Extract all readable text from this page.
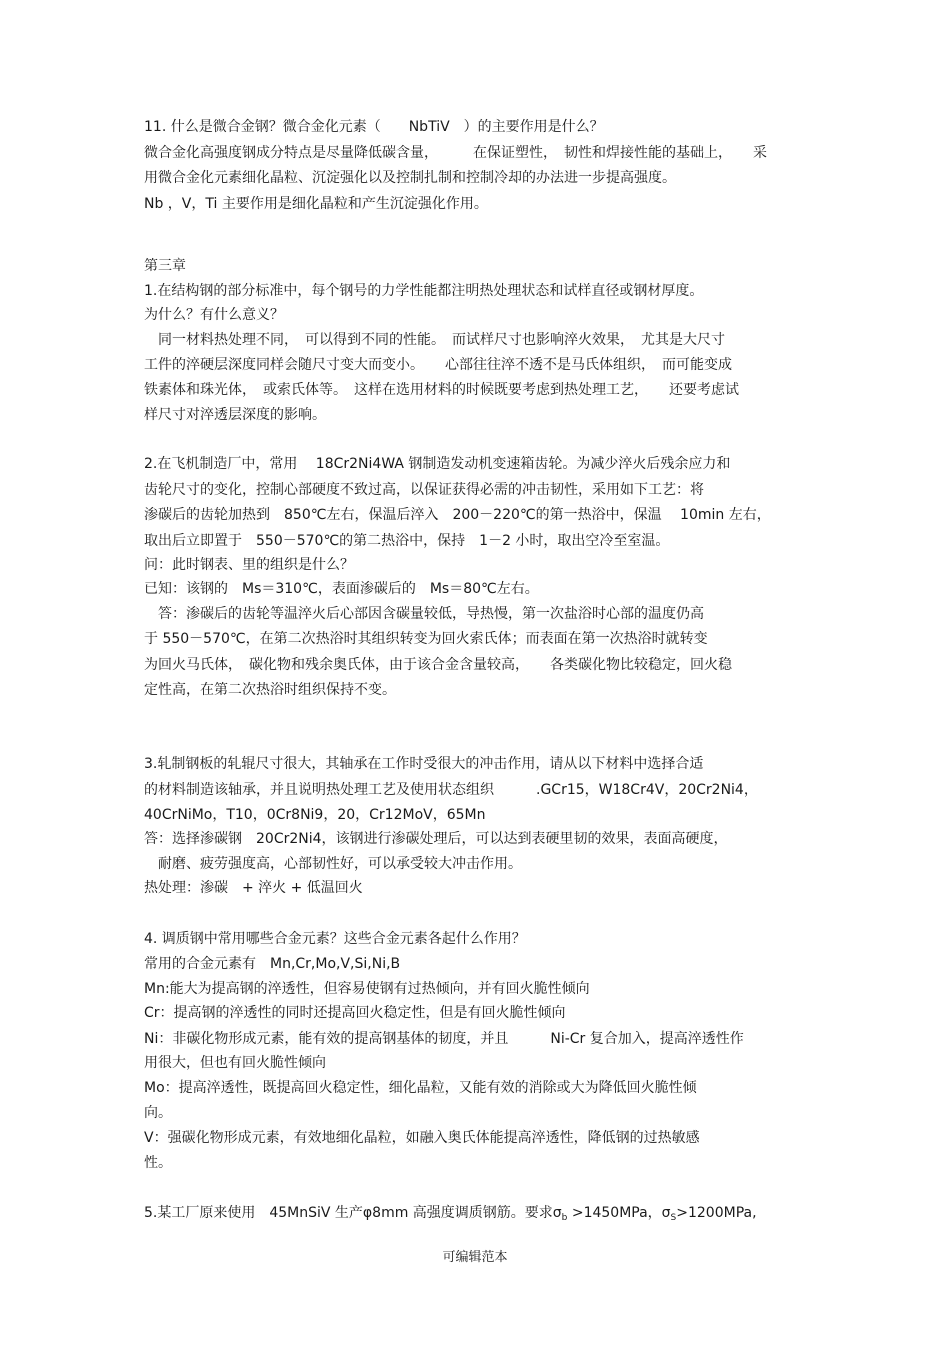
11. 什么是微合金钢？微合金化元素（　　NbTiV　）的主要作用是什么？
微合金化高强度钢成分特点是尽量降低碳含量，　　　在保证塑性，　韧性和焊接性能的基础上，　　采
用微合金化元素细化晶粒、沉淀强化以及控制扎制和控制冷却的办法进一步提高强度。
Nb ，V，Ti 主要作用是细化晶粒和产生沉淀强化作用。
第三章
1.在结构钢的部分标准中，每个钢号的力学性能都注明热处理状态和试样直径或钢材厚度。
为什么？有什么意义？
　同一材料热处理不同，　可以得到不同的性能。　而试样尺寸也影响淬火效果，　尤其是大尺寸
工件的淬硬层深度同样会随尺寸变大而变小。　　心部往往淬不透不是马氏体组织，　而可能变成
铁素体和珠光体，　或索氏体等。　这样在选用材料的时候既要考虑到热处理工艺，　　还要考虑试
样尺寸对淬透层深度的影响。
2.在飞机制造厂中，常用　 18Cr2Ni4WA 钢制造发动机变速箱齿轮。为减少淬火后残余应力和
齿轮尺寸的变化，控制心部硬度不致过高，以保证获得必需的冲击韧性，采用如下工艺：将
渗碳后的齿轮加热到　850℃左右，保温后淬入　200－220℃的第一热浴中，保温　 10min 左右，
取出后立即置于　550－570℃的第二热浴中，保持　1－2 小时，取出空冷至室温。
问：此时钢表、里的组织是什么？
已知：该钢的　Ms＝310℃，表面渗碳后的　Ms＝80℃左右。
　答：渗碳后的齿轮等温淬火后心部因含碳量较低，导热慢，第一次盐浴时心部的温度仍高
于 550－570℃，在第二次热浴时其组织转变为回火索氏体；而表面在第一次热浴时就转变
为回火马氏体，　碳化物和残余奥氏体，由于该合金含量较高，　　各类碳化物比较稳定，回火稳
定性高，在第二次热浴时组织保持不变。
3.轧制钢板的轧辊尺寸很大，其轴承在工作时受很大的冲击作用，请从以下材料中选择合适
的材料制造该轴承，并且说明热处理工艺及使用状态组织　　　.GCr15，W18Cr4V，20Cr2Ni4，
40CrNiMo，T10，0Cr8Ni9，20，Cr12MoV，65Mn
答：选择渗碳钢　20Cr2Ni4，该钢进行渗碳处理后，可以达到表硬里韧的效果，表面高硬度，
　耐磨、疲劳强度高，心部韧性好，可以承受较大冲击作用。
热处理：渗碳　+ 淬火 + 低温回火
4. 调质钢中常用哪些合金元素？这些合金元素各起什么作用？
常用的合金元素有　Mn,Cr,Mo,V,Si,Ni,B
Mn:能大为提高钢的淬透性，但容易使钢有过热倾向，并有回火脆性倾向
Cr：提高钢的淬透性的同时还提高回火稳定性，但是有回火脆性倾向
Ni：非碳化物形成元素，能有效的提高钢基体的韧度，并且　　　Ni-Cr 复合加入，提高淬透性作
用很大，但也有回火脆性倾向
Mo：提高淬透性，既提高回火稳定性，细化晶粒，又能有效的消除或大为降低回火脆性倾
向。
V：强碳化物形成元素，有效地细化晶粒，如融入奥氏体能提高淬透性，降低钢的过热敏感
性。
5.某工厂原来使用　45MnSiV 生产φ8mm 高强度调质钢筋。要求$\sigma_b >1450MPa$，$\sigma_S>1200MPa$,
可编辑范本
